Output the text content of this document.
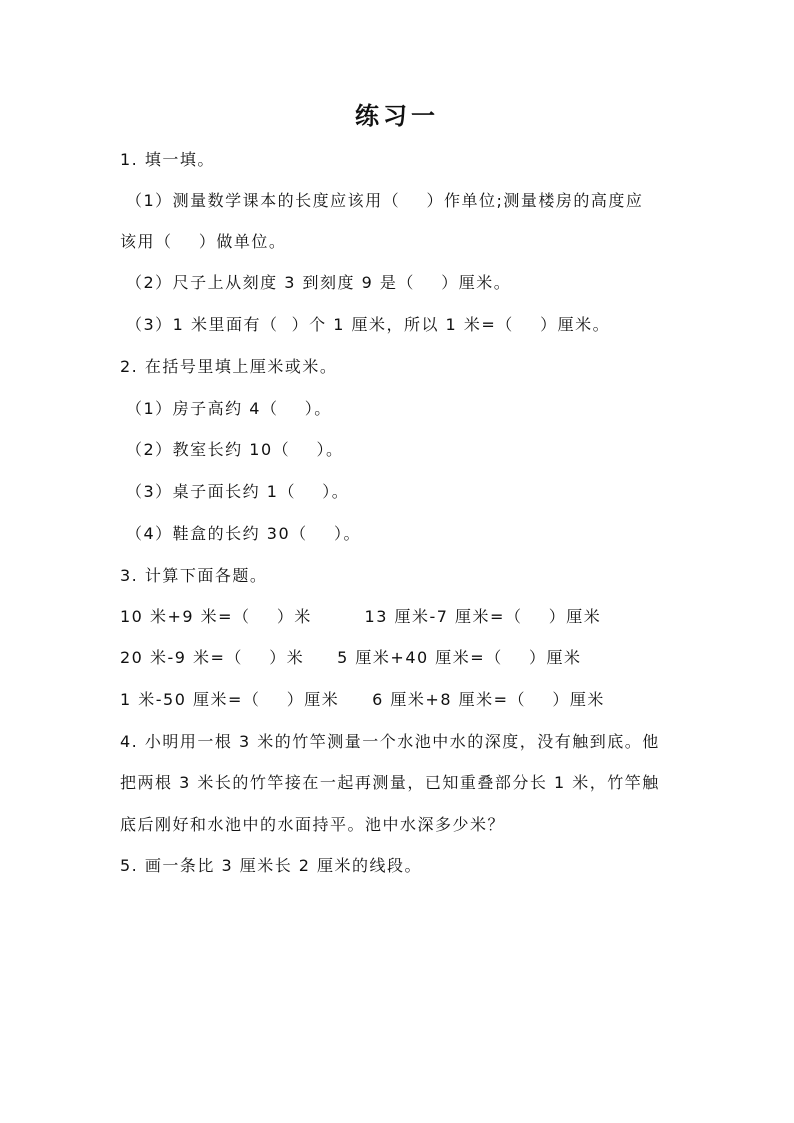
练习一
1. 填一填。
（1）测量数学课本的长度应该用（    ）作单位;测量楼房的高度应
该用（    ）做单位。
（2）尺子上从刻度 3 到刻度 9 是（    ）厘米。
（3）1 米里面有（  ）个 1 厘米，所以 1 米=（    ）厘米。
2. 在括号里填上厘米或米。
（1）房子高约 4（    ）。
（2）教室长约 10（    ）。
（3）桌子面长约 1（    ）。
（4）鞋盒的长约 30（    ）。
3. 计算下面各题。
10 米+9 米=（    ）米        13 厘米-7 厘米=（    ）厘米
20 米-9 米=（    ）米     5 厘米+40 厘米=（    ）厘米
1 米-50 厘米=（    ）厘米     6 厘米+8 厘米=（    ）厘米
4. 小明用一根 3 米的竹竿测量一个水池中水的深度，没有触到底。他
把两根 3 米长的竹竿接在一起再测量，已知重叠部分长 1 米，竹竿触
底后刚好和水池中的水面持平。池中水深多少米？
5. 画一条比 3 厘米长 2 厘米的线段。
